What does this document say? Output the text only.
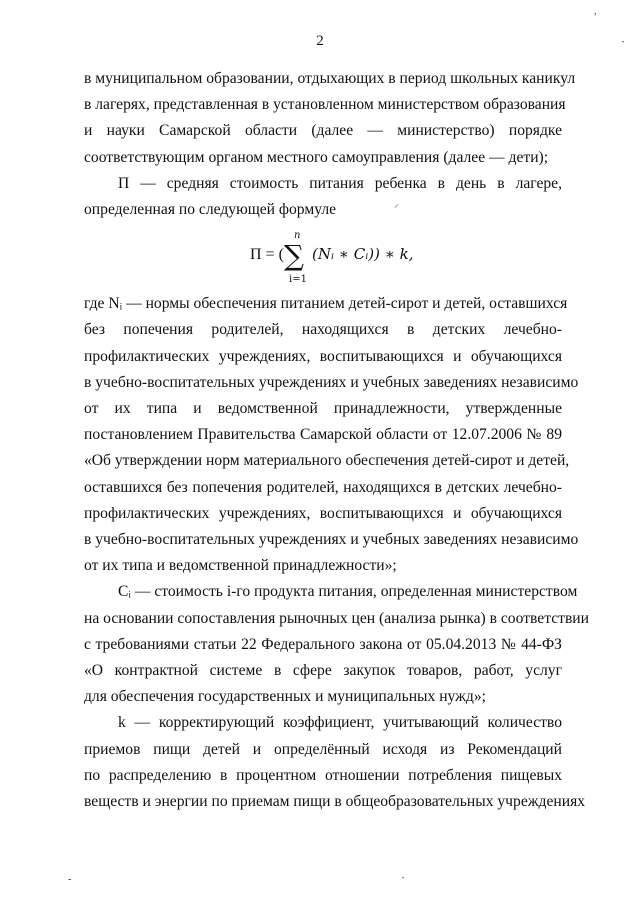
2
,
•
⸝
-	•

в муниципальном образовании, отдыхающих в период школьных каникул
в лагерях, представленная в установленном министерством образования
и науки Самарской области (далее — министерство) порядке
соответствующим органом местного самоуправления (далее — дети);

П — средняя стоимость питания ребенка в день в лагере,
определенная по следующей формуле

П = (
n
∑
i=1
(Nᵢ ∗ Cᵢ)) ∗ k,

где Nᵢ — нормы обеспечения питанием детей-сирот и детей, оставшихся
без попечения родителей, находящихся в детских лечебно-
профилактических учреждениях, воспитывающихся и обучающихся
в учебно-воспитательных учреждениях и учебных заведениях независимо
от их типа и ведомственной принадлежности, утвержденные
постановлением Правительства Самарской области от 12.07.2006 № 89
«Об утверждении норм материального обеспечения детей-сирот и детей,
оставшихся без попечения родителей, находящихся в детских лечебно-
профилактических учреждениях, воспитывающихся и обучающихся
в учебно-воспитательных учреждениях и учебных заведениях независимо
от их типа и ведомственной принадлежности»;

Cᵢ — стоимость i-го продукта питания, определенная министерством
на основании сопоставления рыночных цен (анализа рынка) в соответствии
с требованиями статьи 22 Федерального закона от 05.04.2013 № 44-ФЗ
«О контрактной системе в сфере закупок товаров, работ, услуг
для обеспечения государственных и муниципальных нужд»;

k — корректирующий коэффициент, учитывающий количество
приемов пищи детей и определённый исходя из Рекомендаций
по распределению в процентном отношении потребления пищевых
веществ и энергии по приемам пищи в общеобразовательных учреждениях
